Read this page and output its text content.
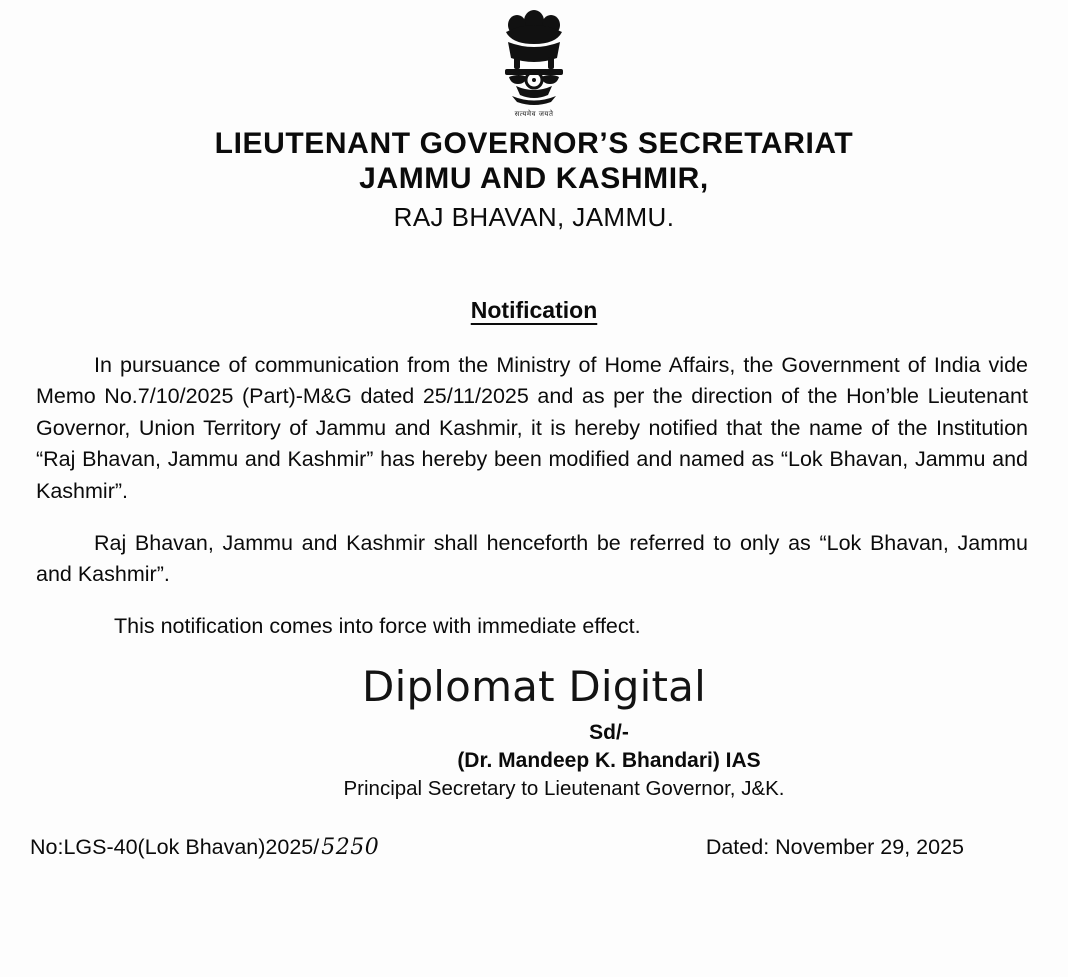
सत्यमेव जयते
LIEUTENANT GOVERNOR’S SECRETARIAT
JAMMU AND KASHMIR,
RAJ BHAVAN, JAMMU.
Notification

In pursuance of communication from the Ministry of Home Affairs, the Government of India vide Memo No.7/10/2025 (Part)-M&G dated 25/11/2025 and as per the direction of the Hon’ble Lieutenant Governor, Union Territory of Jammu and Kashmir, it is hereby notified that the name of the Institution “Raj Bhavan, Jammu and Kashmir” has hereby been modified and named as “Lok Bhavan, Jammu and Kashmir”.

Raj Bhavan, Jammu and Kashmir shall henceforth be referred to only as “Lok Bhavan, Jammu and Kashmir”.

This notification comes into force with immediate effect.

Diplomat Digital
Sd/-
(Dr. Mandeep K. Bhandari) IAS
Principal Secretary to Lieutenant Governor, J&K.
No:LGS-40(Lok Bhavan)2025/ 5250	Dated: November 29, 2025
